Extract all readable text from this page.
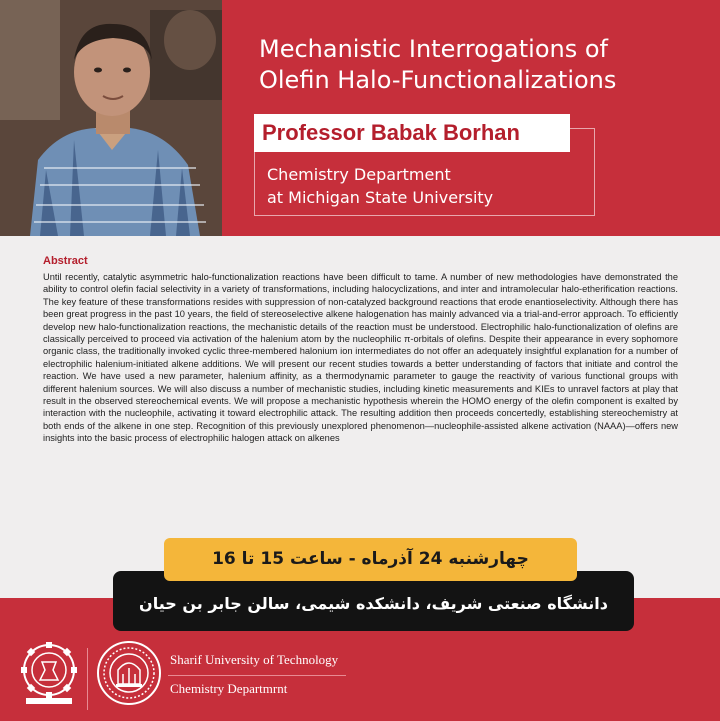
Mechanistic Interrogations of
Olefin Halo-Functionalizations
Professor Babak Borhan
Chemistry Department
at Michigan State University
Abstract
Until recently, catalytic asymmetric halo-functionalization reactions have been difficult to tame. A number of new methodologies have demonstrated the ability to control olefin facial selectivity in a variety of transformations, including halocyclizations, and inter and intramolecular halo-etherification reactions. The key feature of these transformations resides with suppression of non-catalyzed background reactions that erode enantioselectivity. Although there has been great progress in the past 10 years, the field of stereoselective alkene halogenation has mainly advanced via a trial-and-error approach. To efficiently develop new halo-functionalization reactions, the mechanistic details of the reaction must be understood. Electrophilic halo-functionalization of olefins are classically perceived to proceed via activation of the halenium atom by the nucleophilic π-orbitals of olefins. Despite their appearance in every sophomore organic class, the traditionally invoked cyclic three-membered halonium ion intermediates do not offer an adequately insightful explanation for a number of electrophilic halenium-initiated alkene additions. We will present our recent studies towards a better understanding of factors that initiate and control the reaction. We have used a new parameter, halenium affinity, as a thermodynamic parameter to gauge the reactivity of various functional groups with different halenium sources. We will also discuss a number of mechanistic studies, including kinetic measurements and KIEs to unravel factors at play that result in the observed stereochemical events. We will propose a mechanistic hypothesis wherein the HOMO energy of the olefin component is exalted by interaction with the nucleophile, activating it toward electrophilic attack. The resulting addition then proceeds concertedly, establishing stereochemistry at both ends of the alkene in one step. Recognition of this previously unexplored phenomenon—nucleophile-assisted alkene activation (NAAA)—offers new insights into the basic process of electrophilic halogen attack on alkenes
دانشگاه صنعتی شریف، دانشکده شیمی، سالن جابر بن حیان
چهارشنبه 24 آذرماه - ساعت 15 تا 16
Sharif University of Technology
Chemistry Departmrnt
